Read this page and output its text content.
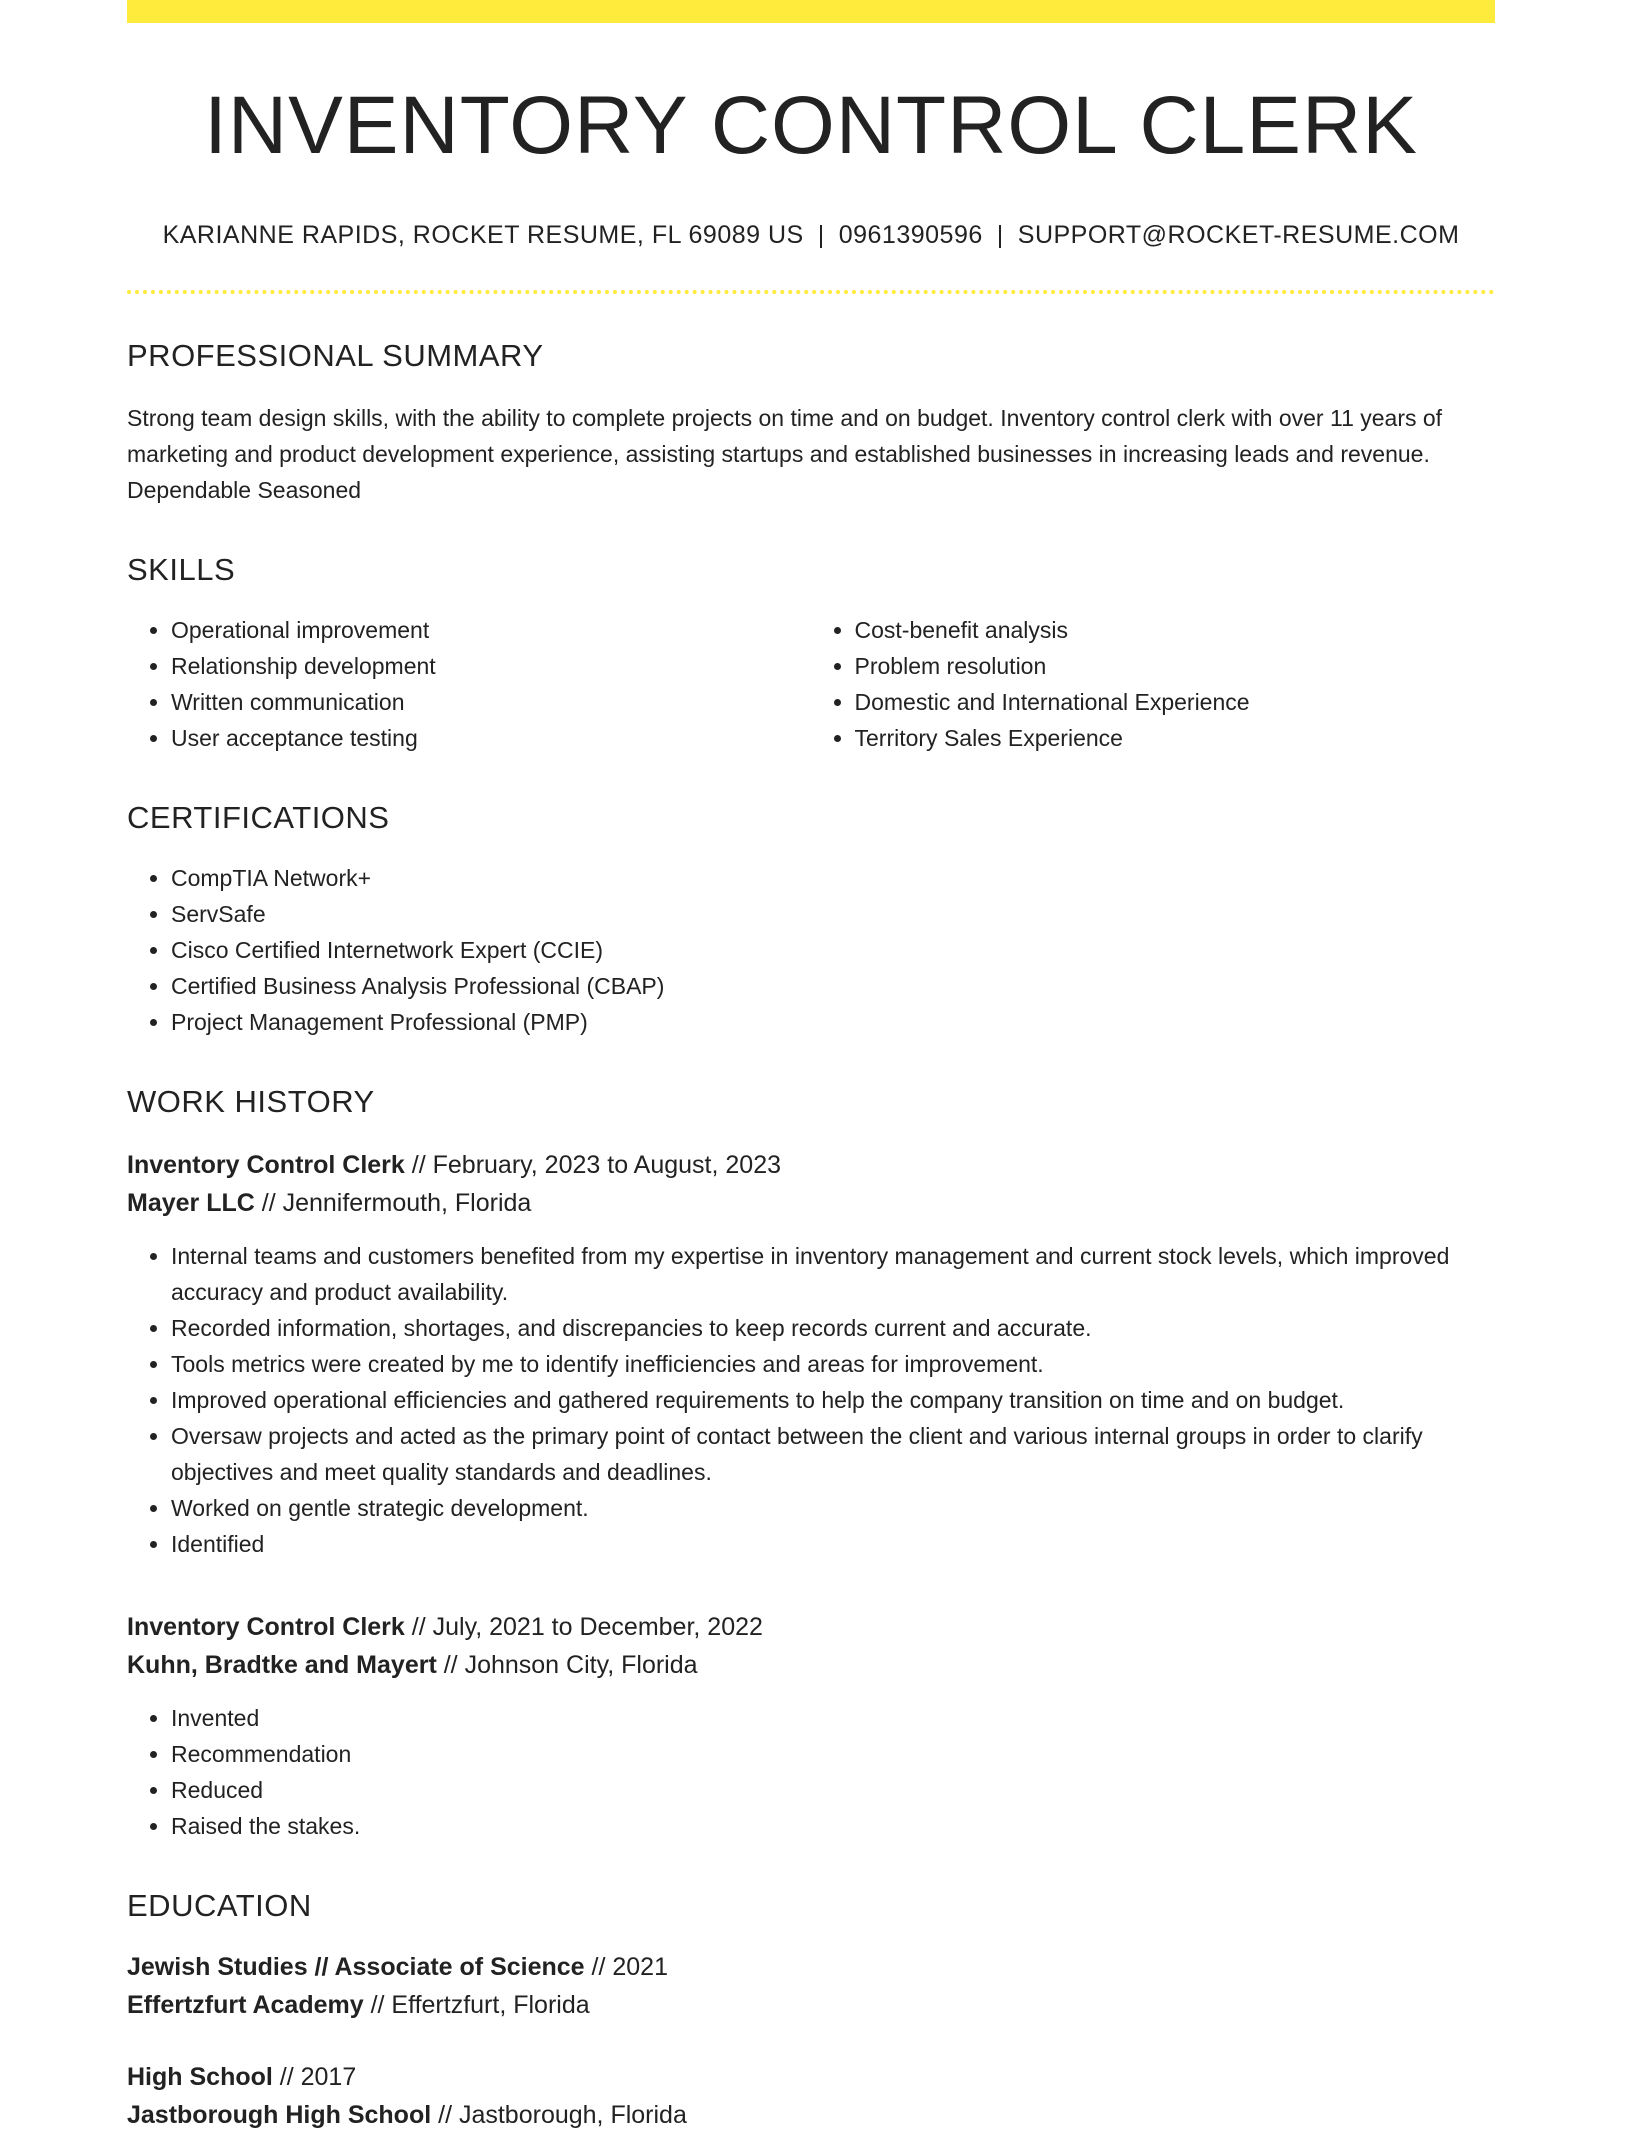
INVENTORY CONTROL CLERK
KARIANNE RAPIDS, ROCKET RESUME, FL 69089 US | 0961390596 | SUPPORT@ROCKET-RESUME.COM
PROFESSIONAL SUMMARY

Strong team design skills, with the ability to complete projects on time and on budget. Inventory control clerk with over 11 years of marketing and product development experience, assisting startups and established businesses in increasing leads and revenue. Dependable Seasoned

SKILLS
• Operational improvement
• Relationship development
• Written communication
• User acceptance testing
• Cost-benefit analysis
• Problem resolution
• Domestic and International Experience
• Territory Sales Experience
CERTIFICATIONS
• CompTIA Network+
• ServSafe
• Cisco Certified Internetwork Expert (CCIE)
• Certified Business Analysis Professional (CBAP)
• Project Management Professional (PMP)
WORK HISTORY
Inventory Control Clerk // February, 2023 to August, 2023
Mayer LLC // Jennifermouth, Florida
• Internal teams and customers benefited from my expertise in inventory management and current stock levels, which improved accuracy and product availability.
• Recorded information, shortages, and discrepancies to keep records current and accurate.
• Tools metrics were created by me to identify inefficiencies and areas for improvement.
• Improved operational efficiencies and gathered requirements to help the company transition on time and on budget.
• Oversaw projects and acted as the primary point of contact between the client and various internal groups in order to clarify objectives and meet quality standards and deadlines.
• Worked on gentle strategic development.
• Identified
Inventory Control Clerk // July, 2021 to December, 2022
Kuhn, Bradtke and Mayert // Johnson City, Florida
• Invented
• Recommendation
• Reduced
• Raised the stakes.
EDUCATION
Jewish Studies // Associate of Science // 2021
Effertzfurt Academy // Effertzfurt, Florida
High School // 2017
Jastborough High School // Jastborough, Florida
